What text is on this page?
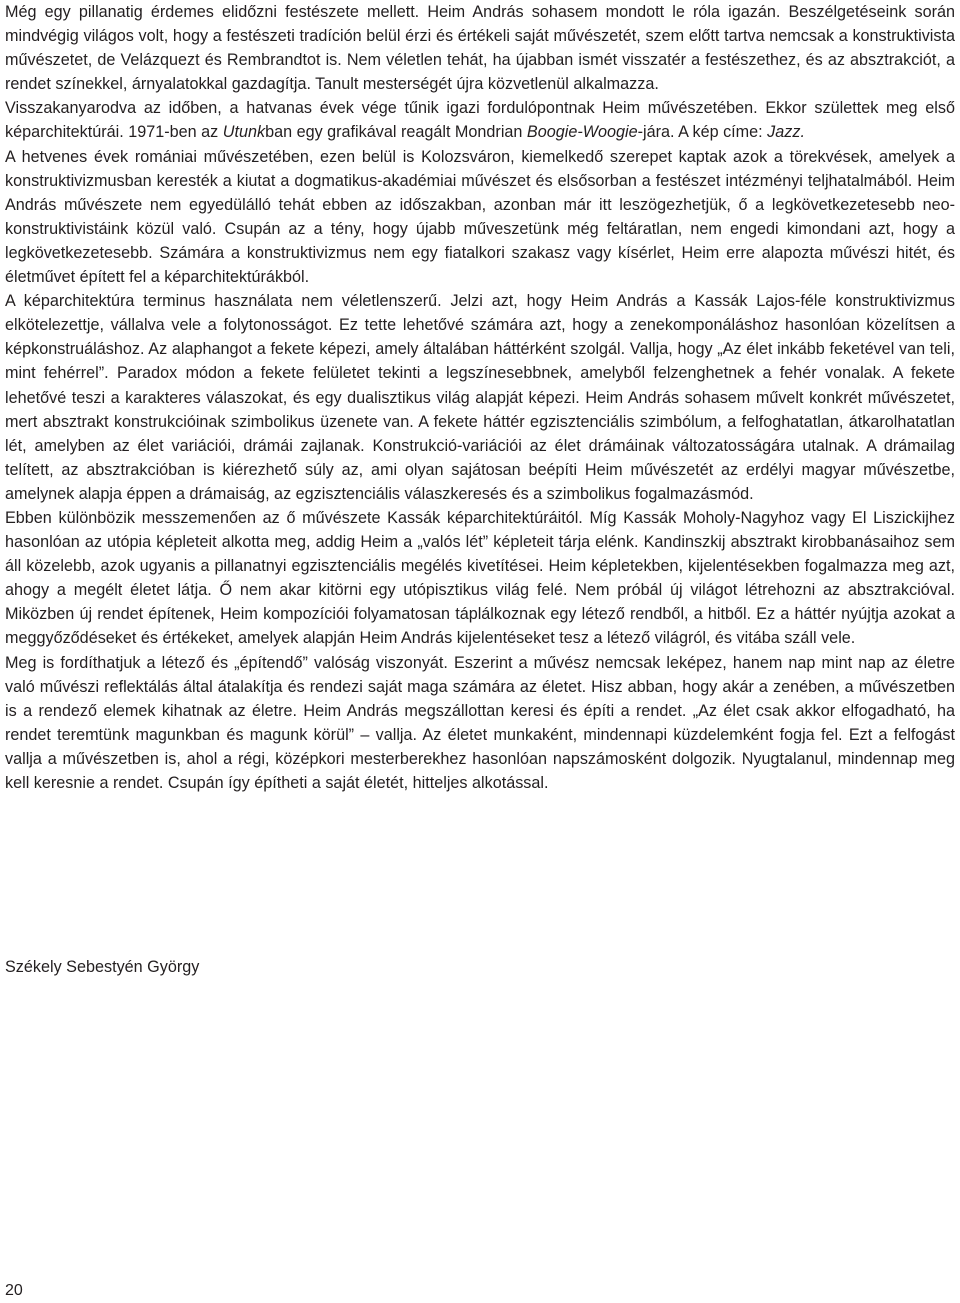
Még egy pillanatig érdemes elidőzni festészete mellett. Heim András sohasem mondott le róla igazán. Beszélgetéseink során mindvégig világos volt, hogy a festészeti tradíción belül érzi és értékeli saját művészetét, szem előtt tartva nemcsak a konstruktivista művészetet, de Velázquezt és Rembrandtot is. Nem véletlen tehát, ha újabban ismét visszatér a festészethez, és az absztrakciót, a rendet színekkel, árnyalatokkal gazdagítja. Tanult mesterségét újra közvetlenül alkalmazza.

Visszakanyarodva az időben, a hatvanas évek vége tűnik igazi fordulópontnak Heim művészetében. Ekkor születtek meg első képarchitektúrái. 1971-ben az Utunkban egy grafikával reagált Mondrian Boogie-Woogie-jára. A kép címe: Jazz.

A hetvenes évek romániai művészetében, ezen belül is Kolozsváron, kiemelkedő szerepet kaptak azok a törekvések, amelyek a konstruktivizmusban keresték a kiutat a dogmatikus-akadémiai művészet és elsősorban a festészet intézményi teljhatalmából. Heim András művészete nem egyedülálló tehát ebben az időszakban, azonban már itt leszögezhetjük, ő a legkövetkezetesebb neo-konstruktivistáink közül való. Csupán az a tény, hogy újabb műveszetünk még feltáratlan, nem engedi kimondani azt, hogy a legkövetkezetesebb. Számára a konstruktivizmus nem egy fiatalkori szakasz vagy kísérlet, Heim erre alapozta művészi hitét, és életművet épített fel a képarchitektúrákból.

A képarchitektúra terminus használata nem véletlenszerű. Jelzi azt, hogy Heim András a Kassák Lajos-féle konstruktivizmus elkötelezettje, vállalva vele a folytonosságot. Ez tette lehetővé számára azt, hogy a zenekomponáláshoz hasonlóan közelítsen a képkonstruáláshoz. Az alaphangot a fekete képezi, amely általában háttérként szolgál. Vallja, hogy „Az élet inkább feketével van teli, mint fehérrel”. Paradox módon a fekete felületet tekinti a legszínesebbnek, amelyből felzenghetnek a fehér vonalak. A fekete lehetővé teszi a karakteres válaszokat, és egy dualisztikus világ alapját képezi. Heim András sohasem művelt konkrét művészetet, mert absztrakt konstrukcióinak szimbolikus üzenete van. A fekete háttér egzisztenciális szimbólum, a felfoghatatlan, átkarolhatatlan lét, amelyben az élet variációi, drámái zajlanak. Konstrukció-variációi az élet drámáinak változatosságára utalnak. A drámailag telített, az absztrakcióban is kiérezhető súly az, ami olyan sajátosan beépíti Heim művészetét az erdélyi magyar művészetbe, amelynek alapja éppen a drámaiság, az egzisztenciális válaszkeresés és a szimbolikus fogalmazásmód.

Ebben különbözik messzemenően az ő művészete Kassák képarchitektúráitól. Míg Kassák Moholy-Nagyhoz vagy El Liszickijhez hasonlóan az utópia képleteit alkotta meg, addig Heim a „valós lét” képleteit tárja elénk. Kandinszkij absztrakt kirobbanásaihoz sem áll közelebb, azok ugyanis a pillanatnyi egzisztenciális megélés kivetítései. Heim képletekben, kijelentésekben fogalmazza meg azt, ahogy a megélt életet látja. Ő nem akar kitörni egy utópisztikus világ felé. Nem próbál új világot létrehozni az absztrakcióval. Miközben új rendet építenek, Heim kompozíciói folyamatosan táplálkoznak egy létező rendből, a hitből. Ez a háttér nyújtja azokat a meggyőződéseket és értékeket, amelyek alapján Heim András kijelentéseket tesz a létező világról, és vitába száll vele.

Meg is fordíthatjuk a létező és „építendő” valóság viszonyát. Eszerint a művész nemcsak leképez, hanem nap mint nap az életre való művészi reflektálás által átalakítja és rendezi saját maga számára az életet. Hisz abban, hogy akár a zenében, a művészetben is a rendező elemek kihatnak az életre. Heim András megszállottan keresi és építi a rendet. „Az élet csak akkor elfogadható, ha rendet teremtünk magunkban és magunk körül” – vallja. Az életet munkaként, mindennapi küzdelemként fogja fel. Ezt a felfogást vallja a művészetben is, ahol a régi, középkori mesterberekhez hasonlóan napszámosként dolgozik. Nyugtalanul, mindennap meg kell keresnie a rendet. Csupán így építheti a saját életét, hitteljes alkotással.

Székely Sebestyén György

20
